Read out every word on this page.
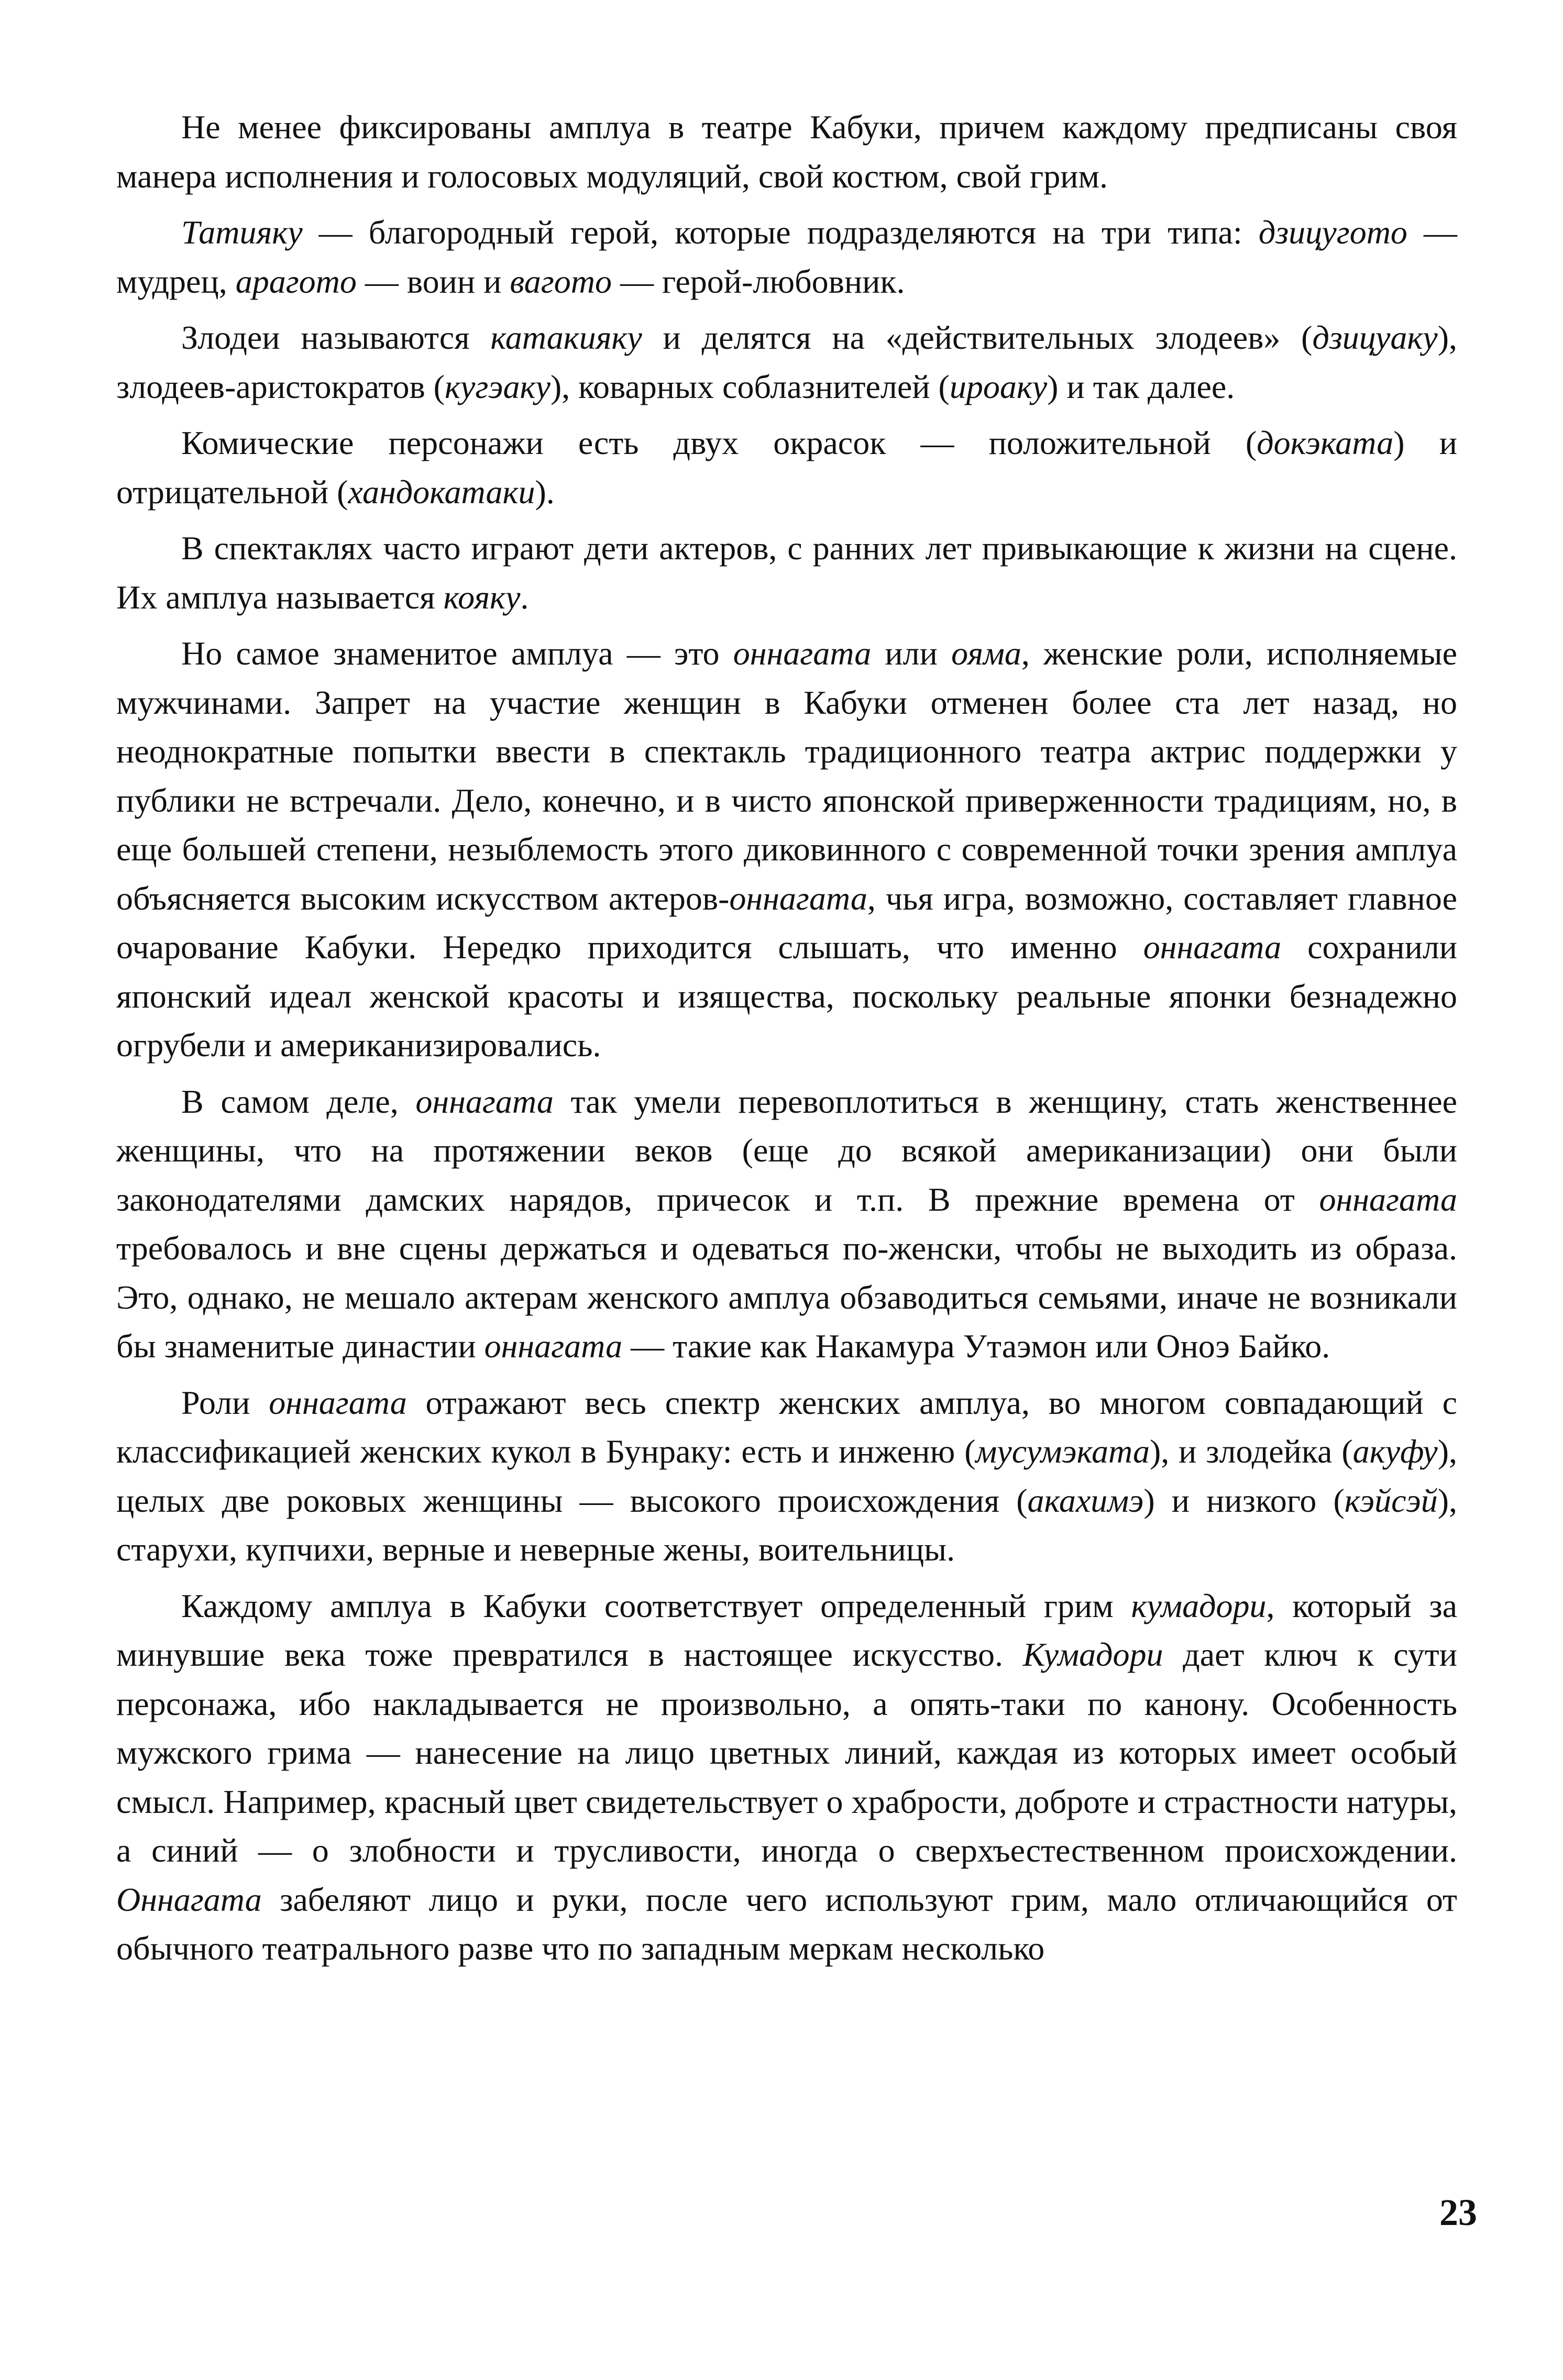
Не менее фиксированы амплуа в театре Кабуки, причем каждому предписаны своя манера исполнения и голосовых модуляций, свой костюм, свой грим.

Татияку — благородный герой, которые подразделяются на три типа: дзицугото — мудрец, араготo — воин и вагото — герой-любовник.

Злодеи называются катакияку и делятся на «действительных злодеев» (дзицуаку), злодеев-аристократов (кугэаку), коварных соблазнителей (ироаку) и так далее.

Комические персонажи есть двух окрасок — положительной (докэката) и отрицательной (хандокатаки).

В спектаклях часто играют дети актеров, с ранних лет привыкающие к жизни на сцене. Их амплуа называется кояку.

Но самое знаменитое амплуа — это оннагата или ояма, женские роли, исполняемые мужчинами. Запрет на участие женщин в Кабуки отменен более ста лет назад, но неоднократные попытки ввести в спектакль традиционного театра актрис поддержки у публики не встречали. Дело, конечно, и в чисто японской приверженности традициям, но, в еще большей степени, незыблемость этого диковинного с современной точки зрения амплуа объясняется высоким искусством актеров-оннагата, чья игра, возможно, составляет главное очарование Кабуки. Нередко приходится слышать, что именно оннагата сохранили японский идеал женской красоты и изящества, поскольку реальные японки безнадежно огрубели и американизировались.

В самом деле, оннагата так умели перевоплотиться в женщину, стать женственнее женщины, что на протяжении веков (еще до всякой американизации) они были законодателями дамских нарядов, причесок и т.п. В прежние времена от оннагата требовалось и вне сцены держаться и одеваться по-женски, чтобы не выходить из образа. Это, однако, не мешало актерам женского амплуа обзаводиться семьями, иначе не возникали бы знаменитые династии оннагата — такие как Накамура Утаэмон или Оноэ Байко.

Роли оннагата отражают весь спектр женских амплуа, во многом совпадающий с классификацией женских кукол в Бунраку: есть и инженю (мусумэката), и злодейка (акуфу), целых две роковых женщины — высокого происхождения (акахимэ) и низкого (кэйсэй), старухи, купчихи, верные и неверные жены, воительницы.

Каждому амплуа в Кабуки соответствует определенный грим кумадори, который за минувшие века тоже превратился в настоящее искусство. Кумадори дает ключ к сути персонажа, ибо накладывается не произвольно, а опять-таки по канону. Особенность мужского грима — нанесение на лицо цветных линий, каждая из которых имеет особый смысл. Например, красный цвет свидетельствует о храбрости, доброте и страстности натуры, а синий — о злобности и трусливости, иногда о сверхъестественном происхождении. Оннагата забеляют лицо и руки, после чего используют грим, мало отличающийся от обычного театрального разве что по западным меркам несколько

23
